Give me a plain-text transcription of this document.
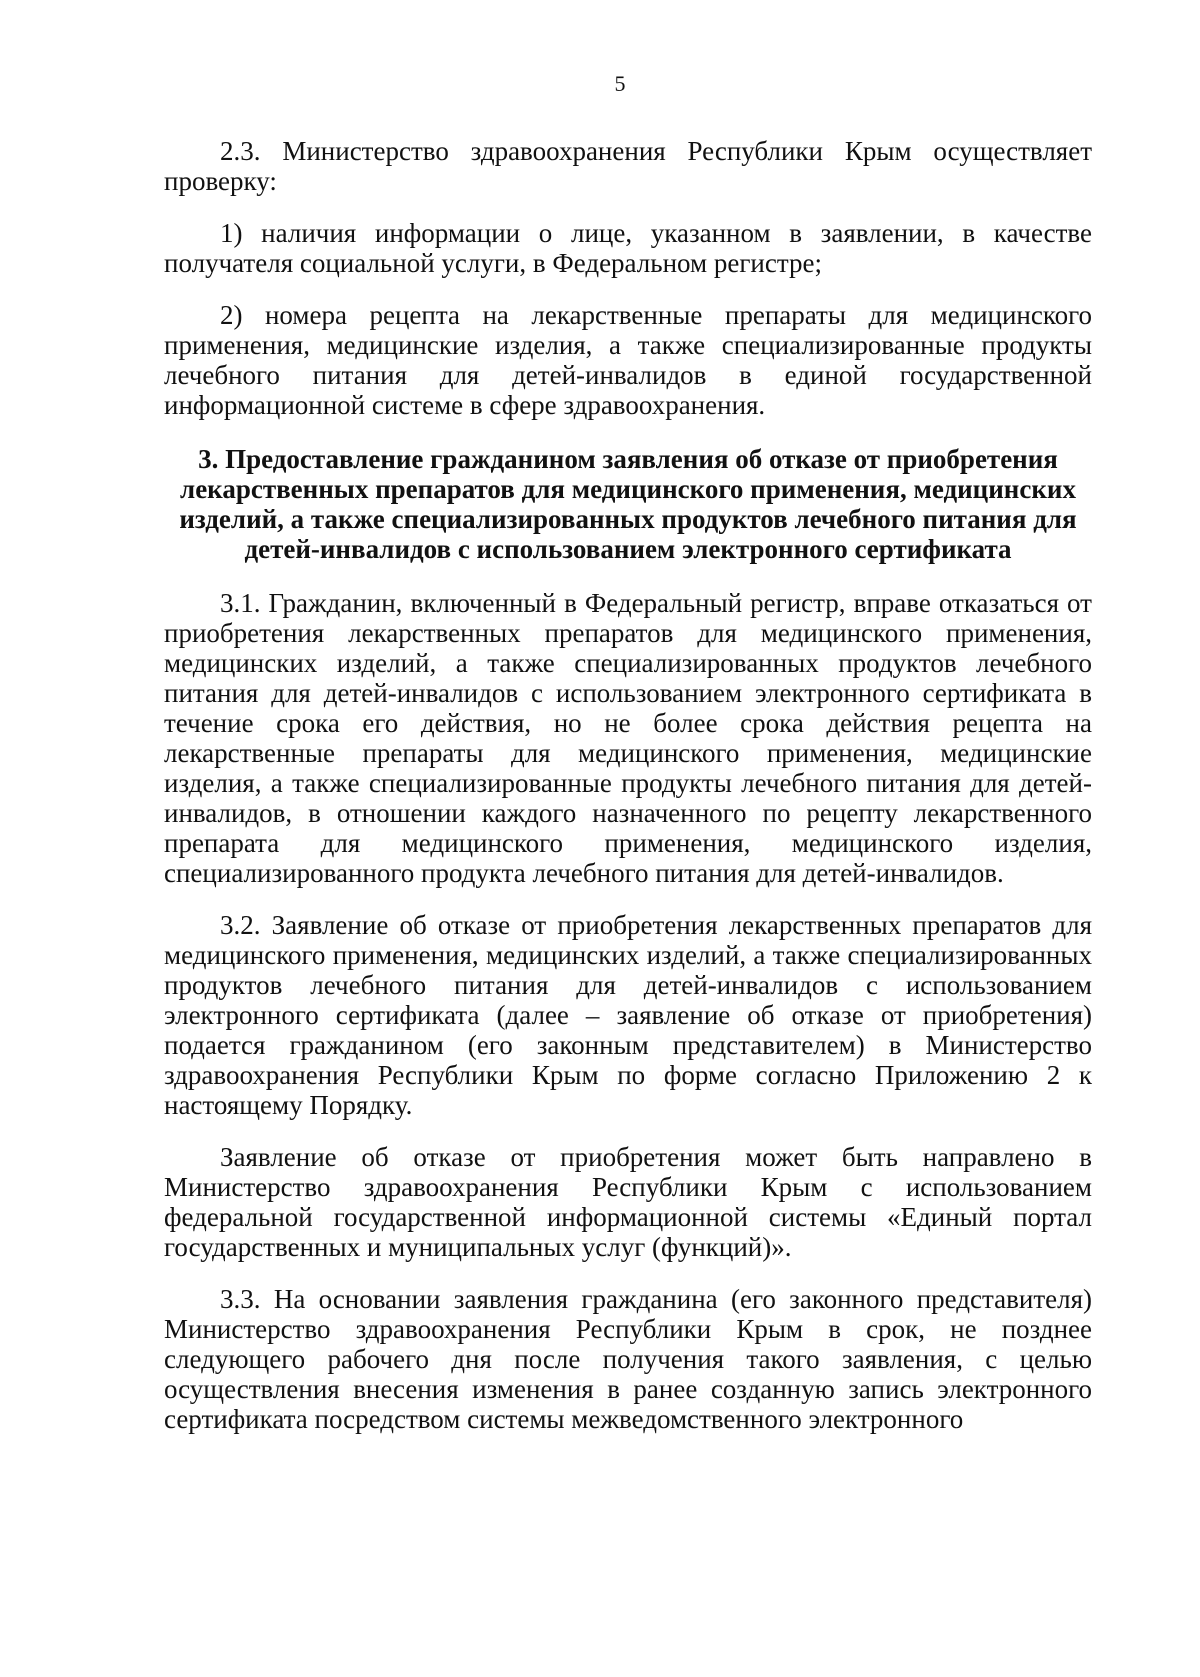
5

2.3. Министерство здравоохранения Республики Крым осуществляет проверку:

1) наличия информации о лице, указанном в заявлении, в качестве получателя социальной услуги, в Федеральном регистре;

2) номера рецепта на лекарственные препараты для медицинского применения, медицинские изделия, а также специализированные продукты лечебного питания для детей-инвалидов в единой государственной информационной системе в сфере здравоохранения.

3. Предоставление гражданином заявления об отказе от приобретения лекарственных препаратов для медицинского применения, медицинских изделий, а также специализированных продуктов лечебного питания для детей-инвалидов с использованием электронного сертификата

3.1. Гражданин, включенный в Федеральный регистр, вправе отказаться от приобретения лекарственных препаратов для медицинского применения, медицинских изделий, а также специализированных продуктов лечебного питания для детей-инвалидов с использованием электронного сертификата в течение срока его действия, но не более срока действия рецепта на лекарственные препараты для медицинского применения, медицинские изделия, а также специализированные продукты лечебного питания для детей-инвалидов, в отношении каждого назначенного по рецепту лекарственного препарата для медицинского применения, медицинского изделия, специализированного продукта лечебного питания для детей-инвалидов.

3.2. Заявление об отказе от приобретения лекарственных препаратов для медицинского применения, медицинских изделий, а также специализированных продуктов лечебного питания для детей-инвалидов с использованием электронного сертификата (далее – заявление об отказе от приобретения) подается гражданином (его законным представителем) в Министерство здравоохранения Республики Крым по форме согласно Приложению 2 к настоящему Порядку.

Заявление об отказе от приобретения может быть направлено в Министерство здравоохранения Республики Крым с использованием федеральной государственной информационной системы «Единый портал государственных и муниципальных услуг (функций)».

3.3. На основании заявления гражданина (его законного представителя) Министерство здравоохранения Республики Крым в срок, не позднее следующего рабочего дня после получения такого заявления, с целью осуществления внесения изменения в ранее созданную запись электронного сертификата посредством системы межведомственного электронного
